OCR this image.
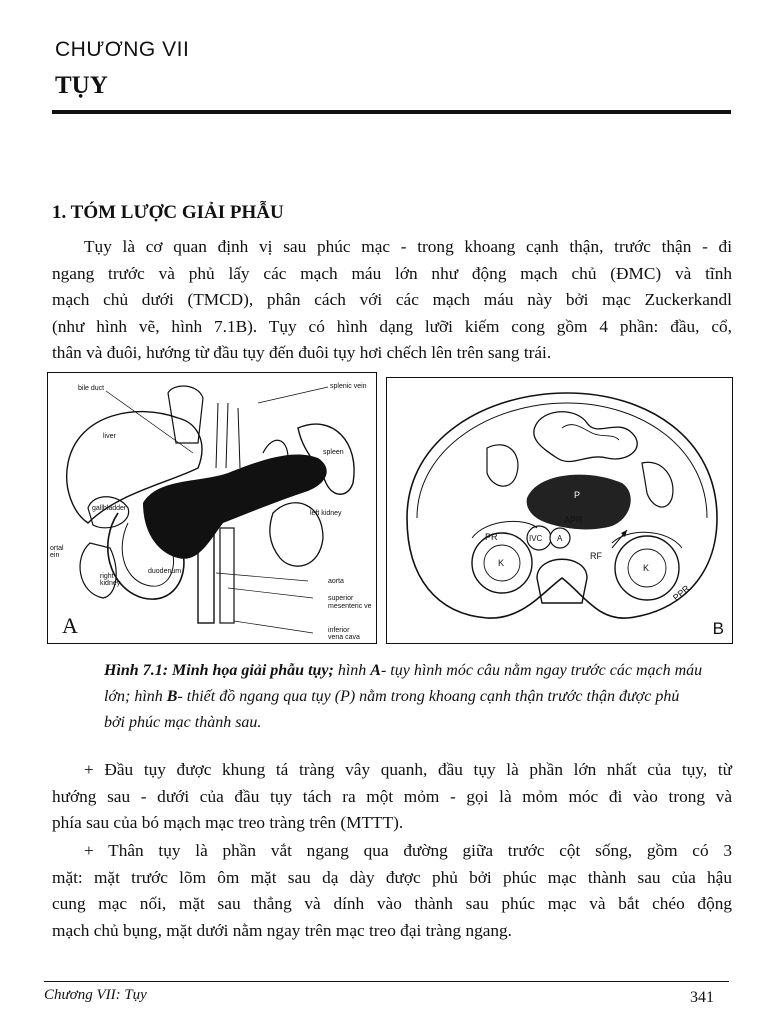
CHƯƠNG VII
TỤY
1. TÓM LƯỢC GIẢI PHẪU
Tụy là cơ quan định vị sau phúc mạc - trong khoang cạnh thận, trước thận - đi
ngang trước và phủ lấy các mạch máu lớn như động mạch chủ (ĐMC) và tĩnh
mạch chủ dưới (TMCD), phân cách với các mạch máu này bởi mạc Zuckerkandl
(như hình vẽ, hình 7.1B). Tụy có hình dạng lưỡi kiếm cong gồm 4 phần: đầu, cổ,
thân và đuôi, hướng từ đầu tụy đến đuôi tụy hơi chếch lên trên sang trái.
bile duct
liver
gallbladder
ortal
ein
right
kidney
duodenum
splenic vein
spleen
left kidney
aorta
superior
mesenteric ve
inferior
vena cava
A
P
APR
PR	IVC A
RF
K	K
PPR
B
Hình 7.1: Minh họa giải phẫu tụy; hình A- tụy hình móc câu nằm ngay trước các mạch máu lớn; hình B- thiết đồ ngang qua tụy (P) nằm trong khoang cạnh thận trước thận được phủ bởi phúc mạc thành sau.
+ Đầu tụy được khung tá tràng vây quanh, đầu tụy là phần lớn nhất của tụy, từ
hướng sau - dưới của đầu tụy tách ra một mỏm - gọi là mỏm móc đi vào trong và
phía sau của bó mạch mạc treo tràng trên (MTTT).
+ Thân tụy là phần vắt ngang qua đường giữa trước cột sống, gồm có 3
mặt: mặt trước lõm ôm mặt sau dạ dày được phủ bởi phúc mạc thành sau của hậu
cung mạc nối, mặt sau thẳng và dính vào thành sau phúc mạc và bắt chéo động
mạch chủ bụng, mặt dưới nằm ngay trên mạc treo đại tràng ngang.
Chương VII: Tụy	341
